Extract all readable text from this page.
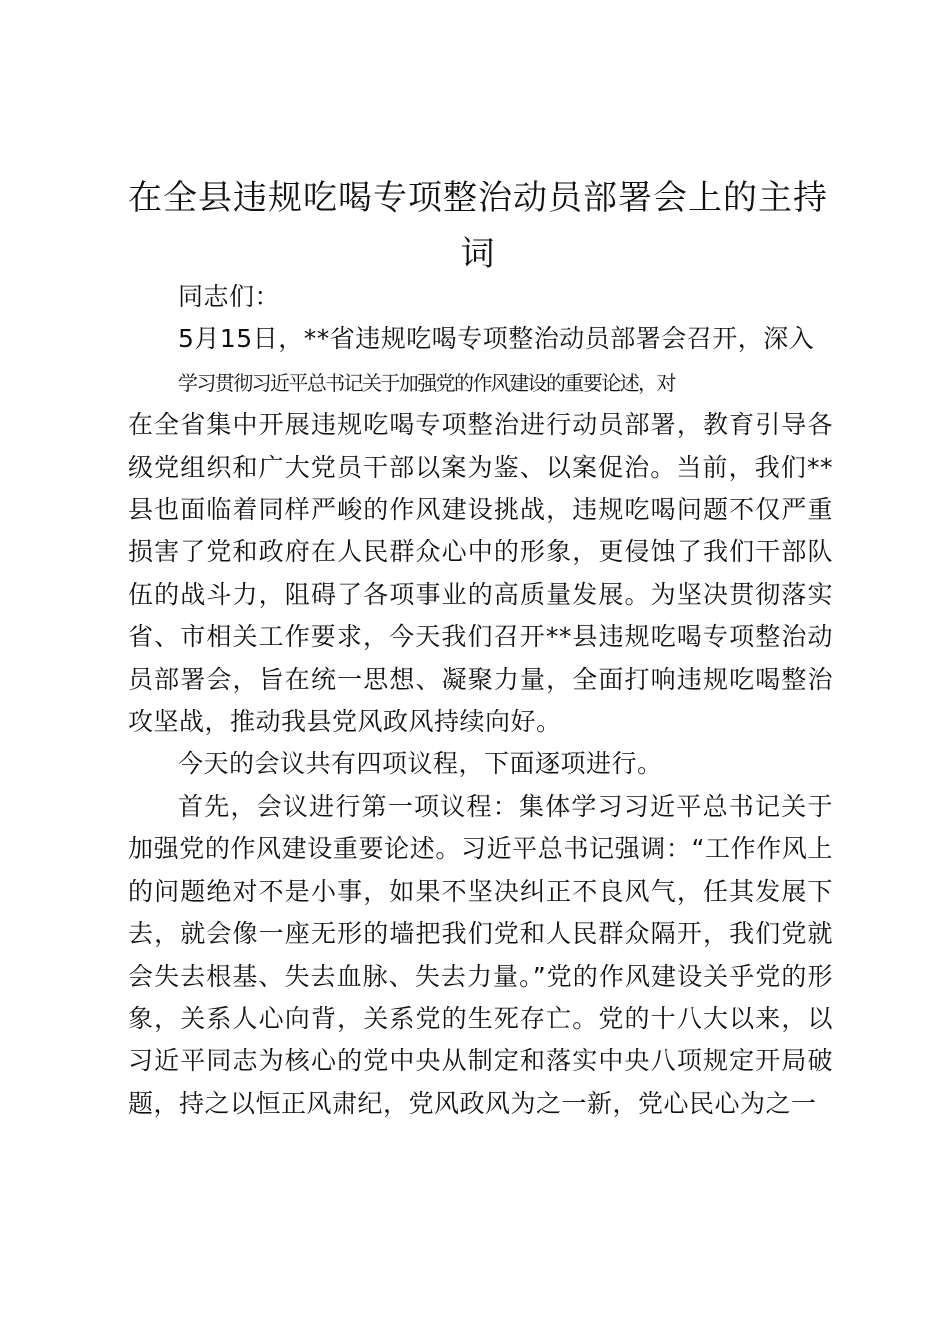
在全县违规吃喝专项整治动员部署会上的主持词

同志们：

5月15日，**省违规吃喝专项整治动员部署会召开，深入
学习贯彻习近平总书记关于加强党的作风建设的重要论述，对
在全省集中开展违规吃喝专项整治进行动员部署，教育引导各级党组织和广大党员干部以案为鉴、以案促治。当前，我们**县也面临着同样严峻的作风建设挑战，违规吃喝问题不仅严重损害了党和政府在人民群众心中的形象，更侵蚀了我们干部队伍的战斗力，阻碍了各项事业的高质量发展。为坚决贯彻落实省、市相关工作要求，今天我们召开**县违规吃喝专项整治动员部署会，旨在统一思想、凝聚力量，全面打响违规吃喝整治攻坚战，推动我县党风政风持续向好。

今天的会议共有四项议程，下面逐项进行。

首先，会议进行第一项议程：集体学习习近平总书记关于加强党的作风建设重要论述。习近平总书记强调：“工作作风上的问题绝对不是小事，如果不坚决纠正不良风气，任其发展下去，就会像一座无形的墙把我们党和人民群众隔开，我们党就会失去根基、失去血脉、失去力量。”党的作风建设关乎党的形象，关系人心向背，关系党的生死存亡。党的十八大以来，以习近平同志为核心的党中央从制定和落实中央八项规定开局破题，持之以恒正风肃纪，党风政风为之一新，党心民心为之一
